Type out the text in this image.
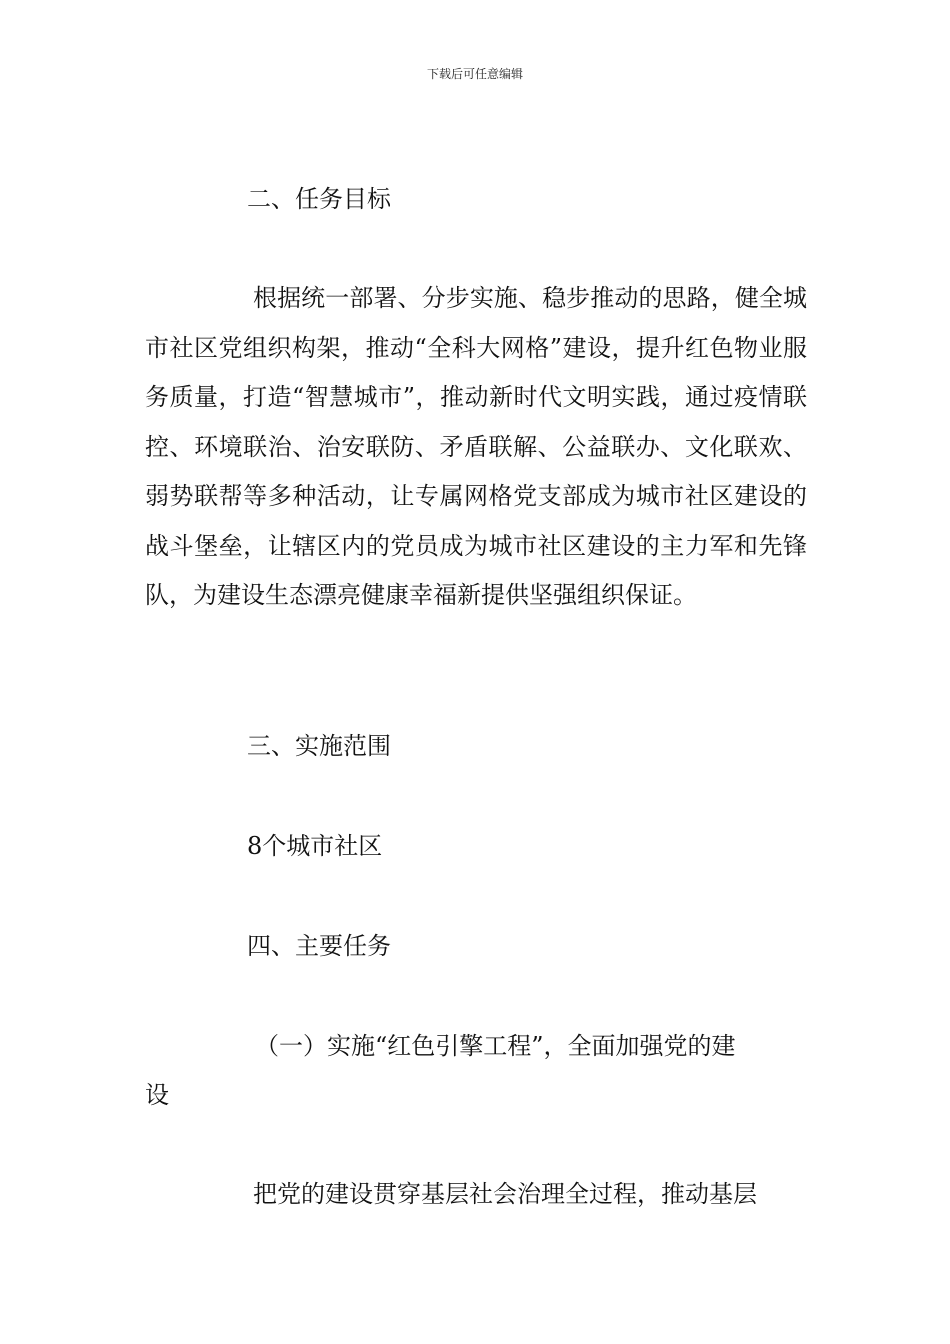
下载后可任意编辑
二、任务目标
根据统一部署、分步实施、稳步推动的思路，健全城市社区党组织构架，推动“全科大网格”建设，提升红色物业服务质量，打造“智慧城市”，推动新时代文明实践，通过疫情联控、环境联治、治安联防、矛盾联解、公益联办、文化联欢、弱势联帮等多种活动，让专属网格党支部成为城市社区建设的战斗堡垒，让辖区内的党员成为城市社区建设的主力军和先锋队，为建设生态漂亮健康幸福新提供坚强组织保证。
三、实施范围
8个城市社区
四、主要任务
（一）实施“红色引擎工程”，全面加强党的建
设
把党的建设贯穿基层社会治理全过程，推动基层
